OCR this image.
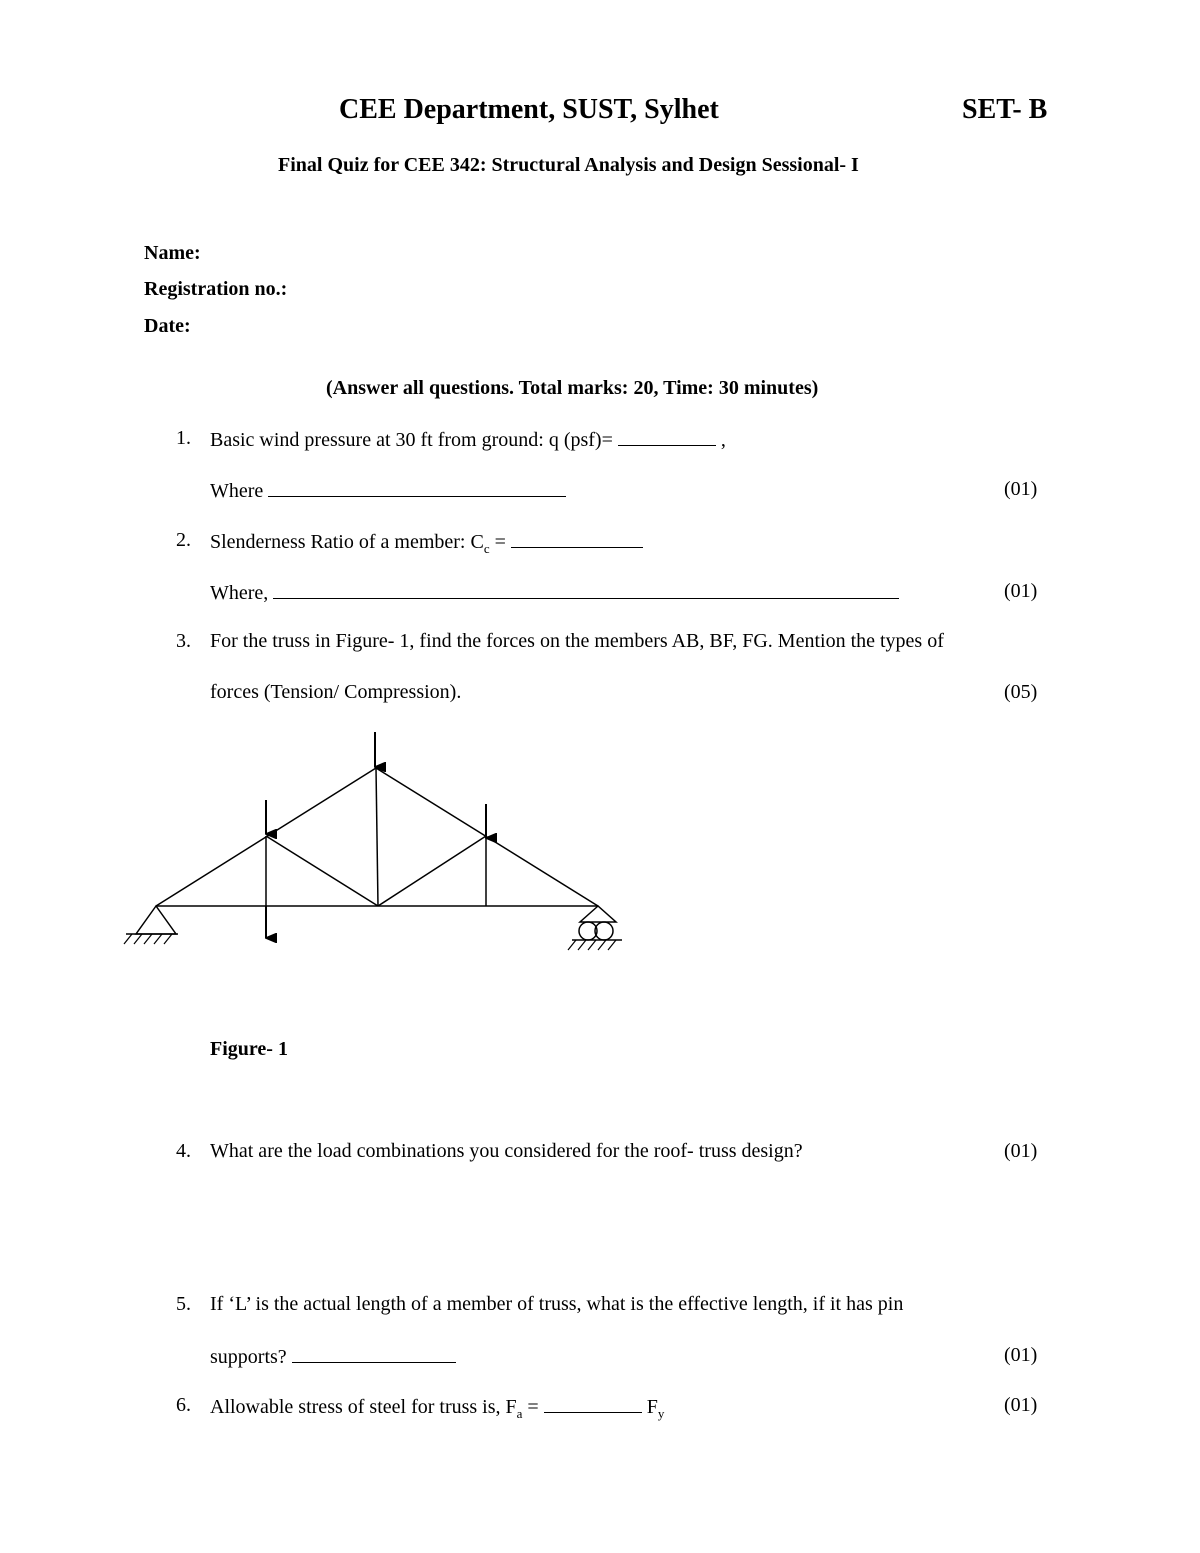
CEE Department, SUST, Sylhet	SET- B
Final Quiz for CEE 342: Structural Analysis and Design Sessional- I
Name:
Registration no.:
Date:
(Answer all questions. Total marks: 20, Time: 30 minutes)
1. Basic wind pressure at 30 ft from ground: q (psf)=	,
Where	(01)
2. Slenderness Ratio of a member: $C_c$ =
Where,	(01)
3. For the truss in Figure- 1, find the forces on the members AB, BF, FG. Mention the types of
forces (Tension/ Compression).	(05)
Figure- 1
4. What are the load combinations you considered for the roof- truss design?	(01)
5. If ‘L’ is the actual length of a member of truss, what is the effective length, if it has pin
supports?	(01)
6. Allowable stress of steel for truss is, $F_a$ =	$F_y$	(01)
